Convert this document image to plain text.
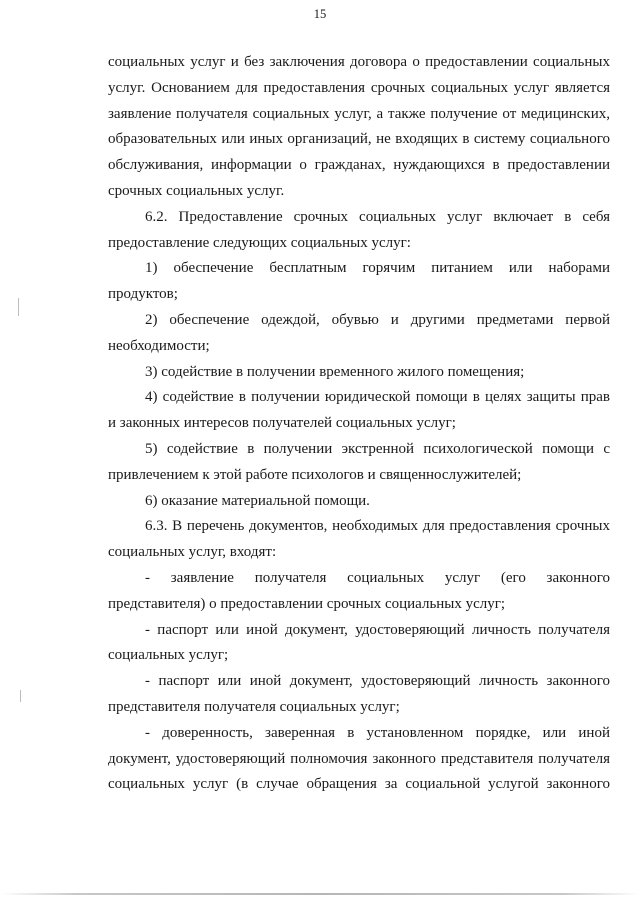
15

социальных услуг и без заключения договора о предоставлении социальных

услуг. Основанием для предоставления срочных социальных услуг является

заявление получателя социальных услуг, а также получение от медицинских,

образовательных или иных организаций, не входящих в систему социального

обслуживания, информации о гражданах, нуждающихся в предоставлении

срочных социальных услуг.

6.2. Предоставление срочных социальных услуг включает в себя

предоставление следующих социальных услуг:

1) обеспечение бесплатным горячим питанием или наборами

продуктов;

2) обеспечение одеждой, обувью и другими предметами первой

необходимости;

3) содействие в получении временного жилого помещения;

4) содействие в получении юридической помощи в целях защиты прав

и законных интересов получателей социальных услуг;

5) содействие в получении экстренной психологической помощи с

привлечением к этой работе психологов и священнослужителей;

6) оказание материальной помощи.

6.3. В перечень документов, необходимых для предоставления срочных

социальных услуг, входят:

- заявление получателя социальных услуг (его законного

представителя) о предоставлении срочных социальных услуг;

- паспорт или иной документ, удостоверяющий личность получателя

социальных услуг;

- паспорт или иной документ, удостоверяющий личность законного

представителя получателя социальных услуг;

- доверенность, заверенная в установленном порядке, или иной

документ, удостоверяющий полномочия законного представителя получателя

социальных услуг (в случае обращения за социальной услугой законного
